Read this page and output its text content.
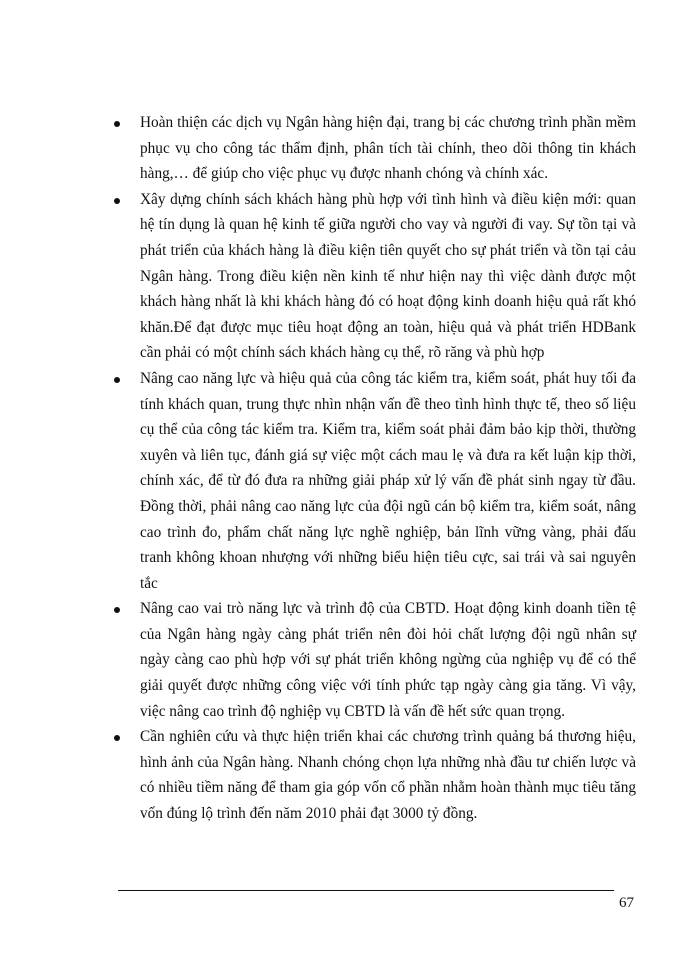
Hoàn thiện các dịch vụ Ngân hàng hiện đại, trang bị các chương trình phần mềm phục vụ cho công tác thẩm định, phân tích tài chính, theo dõi thông tin khách hàng,… để giúp cho việc phục vụ được nhanh chóng và chính xác.
Xây dựng chính sách khách hàng phù hợp với tình hình và điều kiện mới: quan hệ tín dụng là quan hệ kinh tế giữa người cho vay và người đi vay. Sự tồn tại và phát triển của khách hàng là điều kiện tiên quyết cho sự phát triển và tồn tại cảu Ngân hàng. Trong điều kiện nền kinh tế như hiện nay thì việc dành được một khách hàng nhất là khi khách hàng đó có hoạt động kinh doanh hiệu quả rất khó khăn.Để đạt được mục tiêu hoạt động an toàn, hiệu quả và phát triển HDBank cần phải có một chính sách khách hàng cụ thể, rõ răng và phù hợp
Nâng cao năng lực và hiệu quả của công tác kiểm tra, kiểm soát, phát huy tối đa tính khách quan, trung thực nhìn nhận vấn đề theo tình hình thực tế, theo số liệu cụ thể của công tác kiểm tra. Kiểm tra, kiểm soát phải đảm bảo kịp thời, thường xuyên và liên tục, đánh giá sự việc một cách mau lẹ và đưa ra kết luận kịp thời, chính xác, để từ đó đưa ra những giải pháp xử lý vấn đề phát sinh ngay từ đầu. Đồng thời, phải nâng cao năng lực của đội ngũ cán bộ kiểm tra, kiểm soát, nâng cao trình đo, phẩm chất năng lực nghề nghiệp, bản lĩnh vững vàng, phải đấu tranh không khoan nhượng với những biểu hiện tiêu cực, sai trái và sai nguyên tắc
Nâng cao vai trò năng lực và trình độ của CBTD. Hoạt động kinh doanh tiền tệ của Ngân hàng ngày càng phát triển nên đòi hỏi chất lượng đội ngũ nhân sự ngày càng cao phù hợp với sự phát triển không ngừng của nghiệp vụ để có thể giải quyết được những công việc với tính phức tạp ngày càng gia tăng. Vì vậy, việc nâng cao trình độ nghiệp vụ CBTD là vấn đề hết sức quan trọng.
Cần nghiên cứu và thực hiện triển khai các chương trình quảng bá thương hiệu, hình ảnh của Ngân hàng. Nhanh chóng chọn lựa những nhà đầu tư chiến lược và có nhiều tiềm năng để tham gia góp vốn cổ phần nhằm hoàn thành mục tiêu tăng vốn đúng lộ trình đến năm 2010 phải đạt 3000 tỷ đồng.
67
